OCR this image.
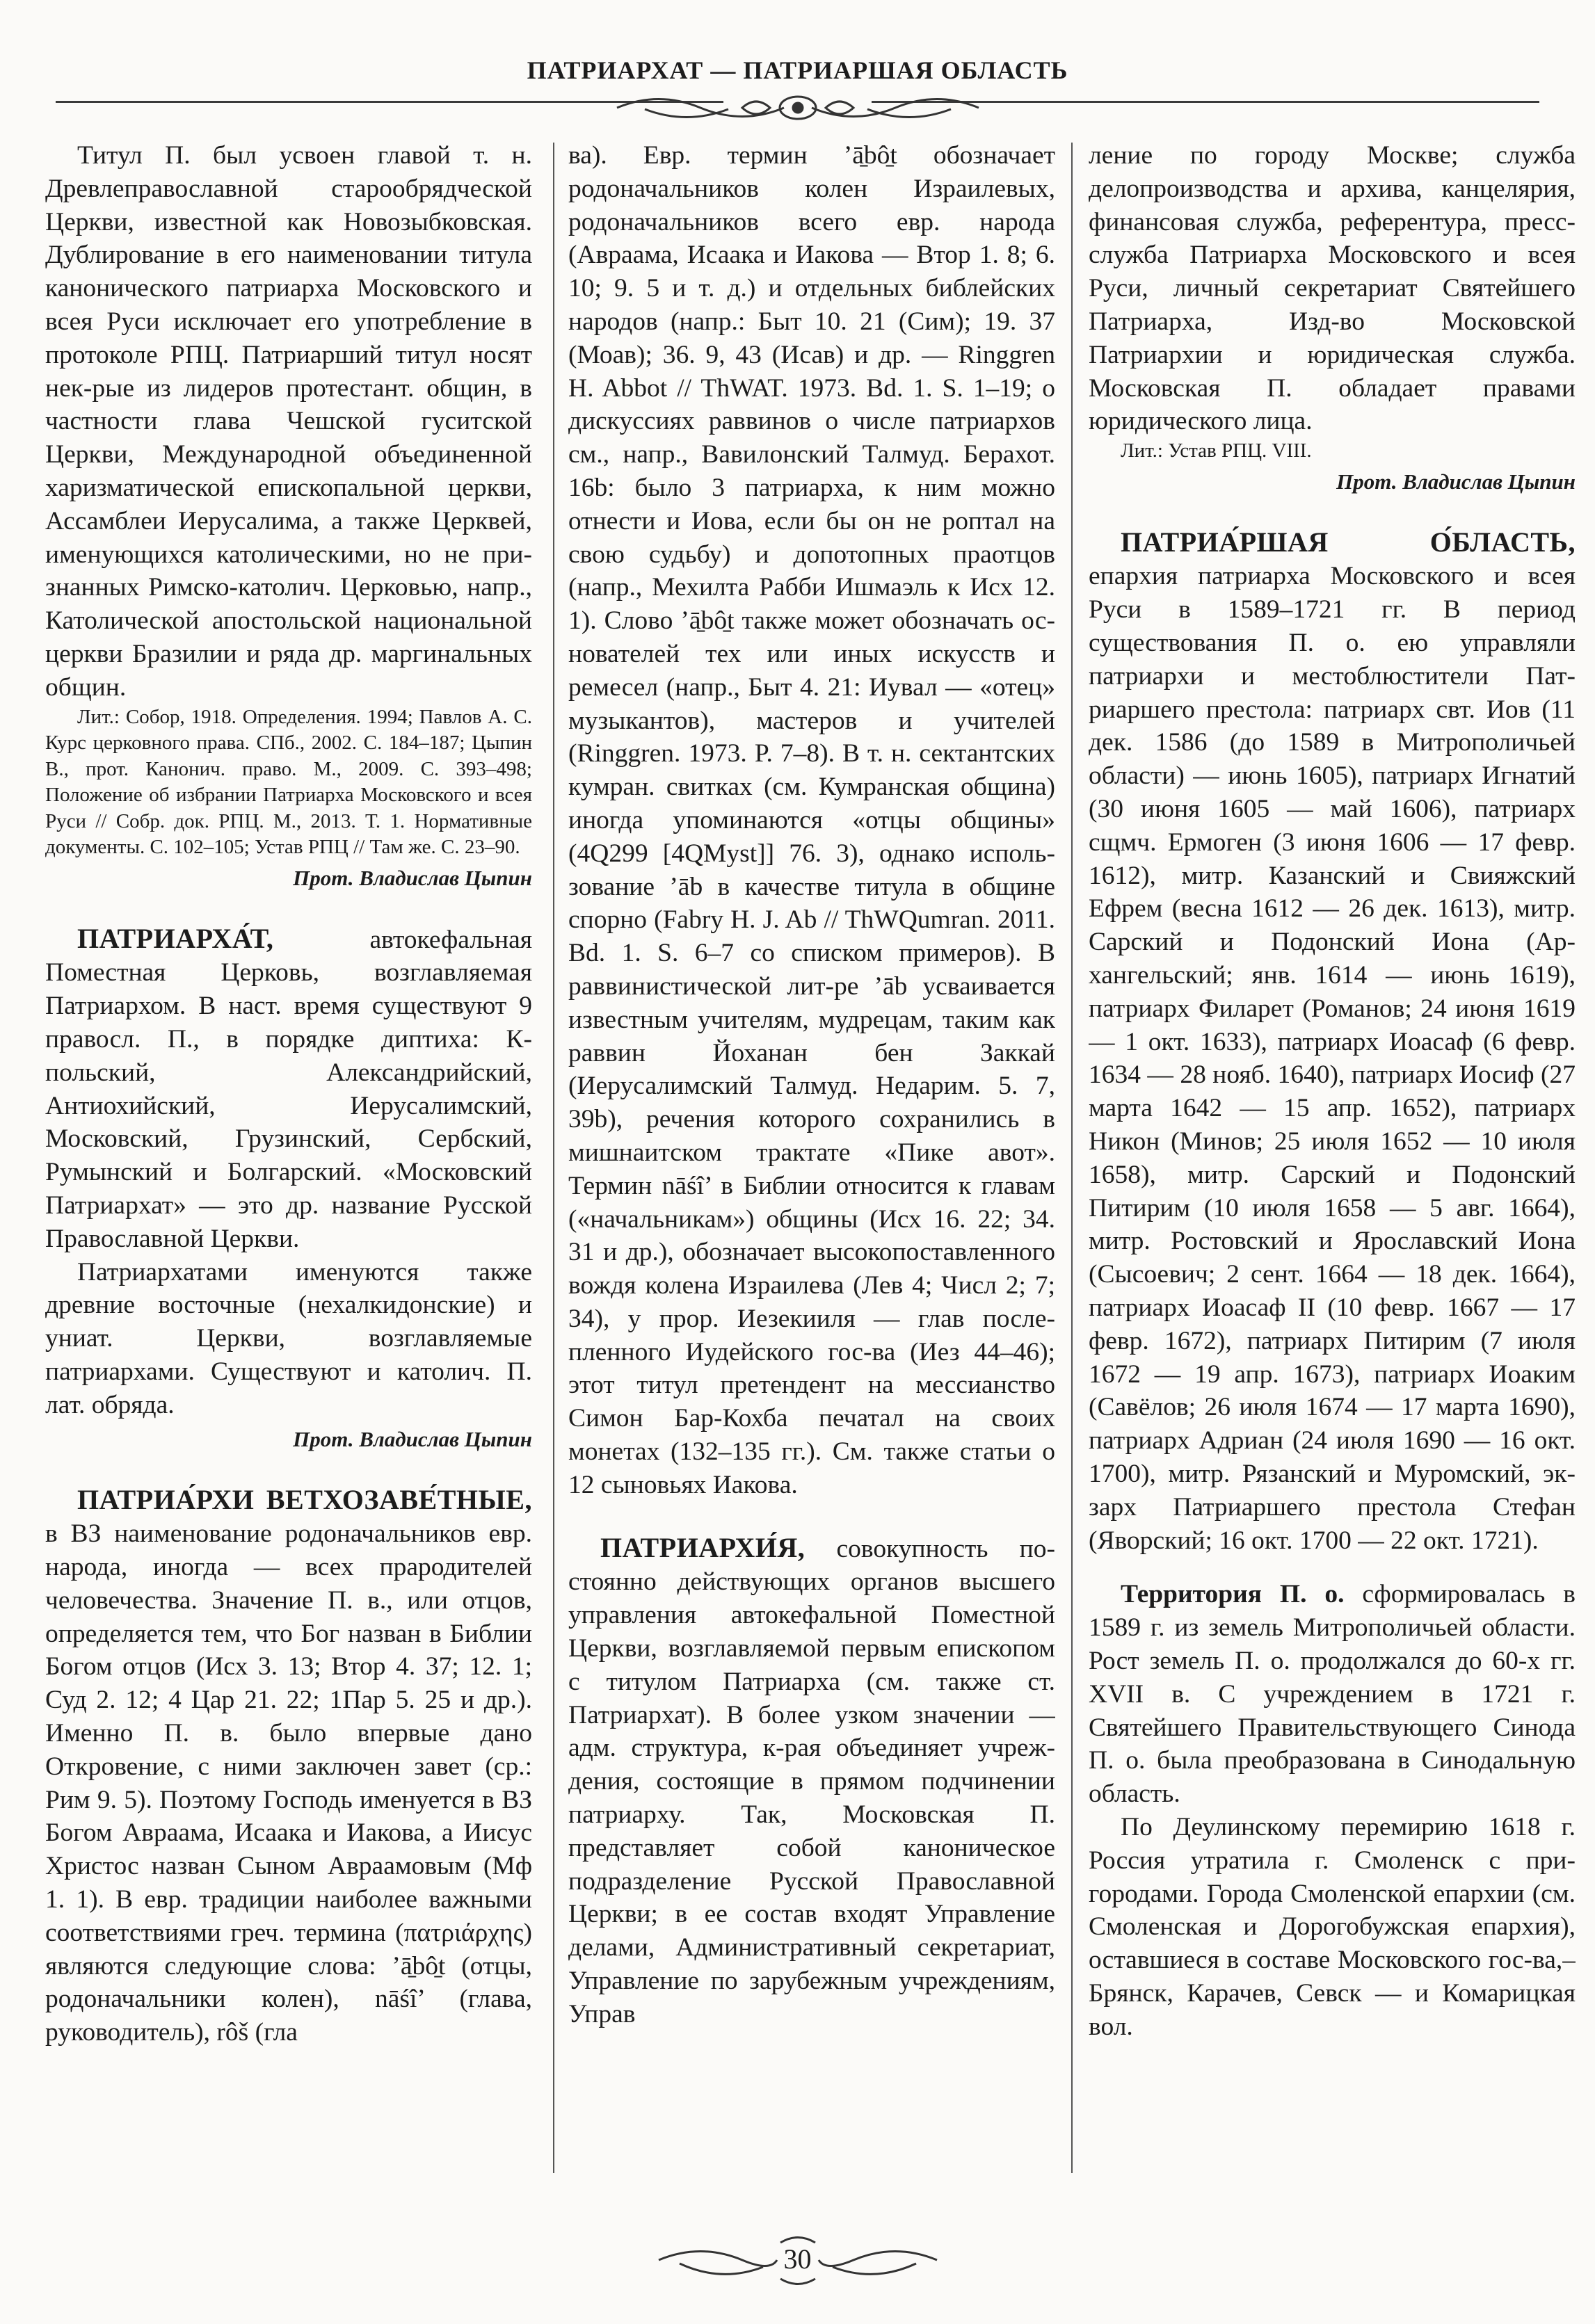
ПАТРИАРХАТ — ПАТРИАРШАЯ ОБЛАСТЬ

Титул П. был усвоен главой т. н. Древлеправославной старообрядческой Церкви, известной как Новозыбковская. Дублирование в его наименовании титула канонического патриарха Московского и всея Руси исключает его употребление в протоколе РПЦ. Патриарший титул носят нек-рые из лидеров протестант. общин, в частности глава Чешской гуситской Церкви, Международной объединенной харизматической епископальной церкви, Ассамблеи Иерусалима, а также Церквей, именующихся католическими, но не признанных Римско-католич. Церковью, напр., Католической апостольской национальной церкви Бразилии и ряда др. маргинальных общин.

Лит.: Собор, 1918. Определения. 1994; Павлов А. С. Курс церковного права. СПб., 2002. С. 184–187; Цыпин В., прот. Канонич. право. М., 2009. С. 393–498; Положение об избрании Патриарха Московского и всея Руси // Собр. док. РПЦ. М., 2013. Т. 1. Нормативные документы. С. 102–105; Устав РПЦ // Там же. С. 23–90.

Прот. Владислав Цыпин

ПАТРИАРХА́Т, автокефальная Поместная Церковь, возглавляемая Патриархом. В наст. время существуют 9 правосл. П., в порядке диптиха: К-польский, Александрийский, Антиохийский, Иерусалимский, Московский, Грузинский, Сербский, Румынский и Болгарский. «Московский Патриархат» — это др. название Русской Православной Церкви.

Патриархатами именуются также древние восточные (нехалкидонские) и униат. Церкви, возглавляемые патриархами. Существуют и католич. П. лат. обряда.

Прот. Владислав Цыпин

ПАТРИА́РХИ ВЕТХОЗАВЕ́ТНЫЕ, в ВЗ наименование родоначальников евр. народа, иногда — всех прародителей человечества. Значение П. в., или отцов, определяется тем, что Бог назван в Библии Богом отцов (Исх 3. 13; Втор 4. 37; 12. 1; Суд 2. 12; 4 Цар 21. 22; 1Пар 5. 25 и др.). Именно П. в. было впервые дано Откровение, с ними заключен завет (ср.: Рим 9. 5). Поэтому Господь именуется в ВЗ Богом Авраама, Исаака и Иакова, а Иисус Христос назван Сыном Авраамовым (Мф 1. 1). В евр. традиции наиболее важными соответствиями греч. термина (πατριάρχης) являются следующие слова: ’ā̱bô̱t (отцы, родоначальники колен), nāśî’ (глава, руководитель), rôš (гла

ва). Евр. термин ’ā̱bô̱t обозначает родоначальников колен Израилевых, родоначальников всего евр. народа (Авраама, Исаака и Иакова — Втор 1. 8; 6. 10; 9. 5 и т. д.) и отдельных библейских народов (напр.: Быт 10. 21 (Сим); 19. 37 (Моав); 36. 9, 43 (Исав) и др. — Ringgren H. Abbot // ThWAT. 1973. Bd. 1. S. 1–19; о дискуссиях раввинов о числе патриархов см., напр., Вавилонский Талмуд. Берахот. 16b: было 3 патриарха, к ним можно отнести и Иова, если бы он не роптал на свою судьбу) и допотопных праотцов (напр., Мехилта Рабби Ишмаэль к Исх 12. 1). Слово ’ā̱bô̱t также может обозначать основателей тех или иных искусств и ремесел (напр., Быт 4. 21: Иувал — «отец» музыкантов), мастеров и учителей (Ringgren. 1973. P. 7–8). В т. н. сектантских кумран. свитках (см. Кумранская община) иногда упоминаются «отцы общины» (4Q299 [4QMyst]] 76. 3), однако использование ’āb в качестве титула в общине спорно (Fabry H. J. Ab // ThWQumran. 2011. Bd. 1. S. 6–7 со списком примеров). В раввинистической лит-ре ’āb усваивается известным учителям, мудрецам, таким как раввин Йоханан бен Заккай (Иерусалимский Талмуд. Недарим. 5. 7, 39b), речения которого сохранились в мишнаитском трактате «Пике авот». Термин nāśî’ в Библии относится к главам («начальникам») общины (Исх 16. 22; 34. 31 и др.), обозначает высокопоставленного вождя колена Израилева (Лев 4; Числ 2; 7; 34), у прор. Иезекииля — глав послепленного Иудейского гос-ва (Иез 44–46); этот титул претендент на мессианство Симон Бар-Кохба печатал на своих монетах (132–135 гг.). См. также статьи о 12 сыновьях Иакова.

ПАТРИАРХИ́Я, совокупность постоянно действующих органов высшего управления автокефальной Поместной Церкви, возглавляемой первым епископом с титулом Патриарха (см. также ст. Патриархат). В более узком значении — адм. структура, к-рая объединяет учреждения, состоящие в прямом подчинении патриарху. Так, Московская П. представляет собой каноническое подразделение Русской Православной Церкви; в ее состав входят Управление делами, Административный секретариат, Управление по зарубежным учреждениям, Управ

ление по городу Москве; служба делопроизводства и архива, канцелярия, финансовая служба, референтура, пресс-служба Патриарха Московского и всея Руси, личный секретариат Святейшего Патриарха, Изд-во Московской Патриархии и юридическая служба. Московская П. обладает правами юридического лица.

Лит.: Устав РПЦ. VIII.

Прот. Владислав Цыпин

ПАТРИА́РШАЯ О́БЛАСТЬ, епархия патриарха Московского и всея Руси в 1589–1721 гг. В период существования П. о. ею управляли патриархи и местоблюстители Патриаршего престола: патриарх свт. Иов (11 дек. 1586 (до 1589 в Митрополичьей области) — июнь 1605), патриарх Игнатий (30 июня 1605 — май 1606), патриарх сщмч. Ермоген (3 июня 1606 — 17 февр. 1612), митр. Казанский и Свияжский Ефрем (весна 1612 — 26 дек. 1613), митр. Сарский и Подонский Иона (Архангельский; янв. 1614 — июнь 1619), патриарх Филарет (Романов; 24 июня 1619 — 1 окт. 1633), патриарх Иоасаф (6 февр. 1634 — 28 нояб. 1640), патриарх Иосиф (27 марта 1642 — 15 апр. 1652), патриарх Никон (Минов; 25 июля 1652 — 10 июля 1658), митр. Сарский и Подонский Питирим (10 июля 1658 — 5 авг. 1664), митр. Ростовский и Ярославский Иона (Сысоевич; 2 сент. 1664 — 18 дек. 1664), патриарх Иоасаф II (10 февр. 1667 — 17 февр. 1672), патриарх Питирим (7 июля 1672 — 19 апр. 1673), патриарх Иоаким (Савёлов; 26 июля 1674 — 17 марта 1690), патриарх Адриан (24 июля 1690 — 16 окт. 1700), митр. Рязанский и Муромский, экзарх Патриаршего престола Стефан (Яворский; 16 окт. 1700 — 22 окт. 1721).

Территория П. о. сформировалась в 1589 г. из земель Митрополичьей области. Рост земель П. о. продолжался до 60-х гг. XVII в. С учреждением в 1721 г. Святейшего Правительствующего Синода П. о. была преобразована в Синодальную область.

По Деулинскому перемирию 1618 г. Россия утратила г. Смоленск с пригородами. Города Смоленской епархии (см. Смоленская и Дорогобужская епархия), оставшиеся в составе Московского гос-ва,– Брянск, Карачев, Севск — и Комарицкая вол.

30
